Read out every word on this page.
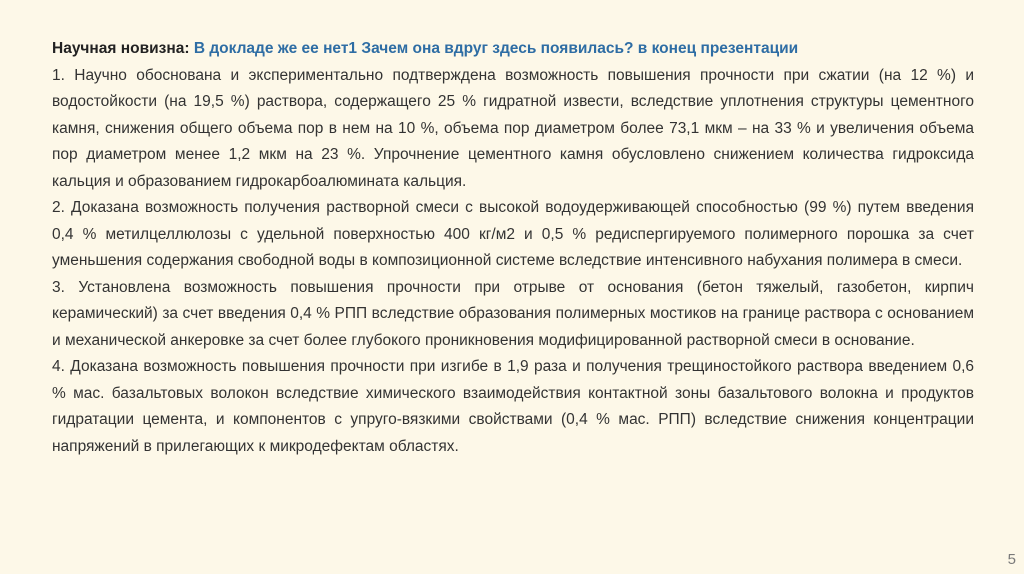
Научная новизна: В докладе же ее нет1 Зачем она вдруг здесь появилась? в конец презентации

1. Научно обоснована и экспериментально подтверждена возможность повышения прочности при сжатии (на 12 %) и водостойкости (на 19,5 %) раствора, содержащего 25 % гидратной извести, вследствие уплотнения структуры цементного камня, снижения общего объема пор в нем на 10 %, объема пор диаметром более 73,1 мкм – на 33 % и увеличения объема пор диаметром менее 1,2 мкм на 23 %. Упрочнение цементного камня обусловлено снижением количества гидроксида кальция и образованием гидрокарбоалюмината кальция.

2. Доказана возможность получения растворной смеси с высокой водоудерживающей способностью (99 %) путем введения 0,4 % метилцеллюлозы с удельной поверхностью 400 кг/м2 и 0,5 % редиспергируемого полимерного порошка за счет уменьшения содержания свободной воды в композиционной системе вследствие интенсивного набухания полимера в смеси.

3. Установлена возможность повышения прочности при отрыве от основания (бетон тяжелый, газобетон, кирпич керамический) за счет введения 0,4 % РПП вследствие образования полимерных мостиков на границе раствора с основанием и механической анкеровке за счет более глубокого проникновения модифицированной растворной смеси в основание.

4. Доказана возможность повышения прочности при изгибе в 1,9 раза и получения трещиностойкого раствора введением 0,6 % мас. базальтовых волокон вследствие химического взаимодействия контактной зоны базальтового волокна и продуктов гидратации цемента, и компонентов с упруго-вязкими свойствами (0,4 % мас. РПП) вследствие снижения концентрации напряжений в прилегающих к микродефектам областях.

5
